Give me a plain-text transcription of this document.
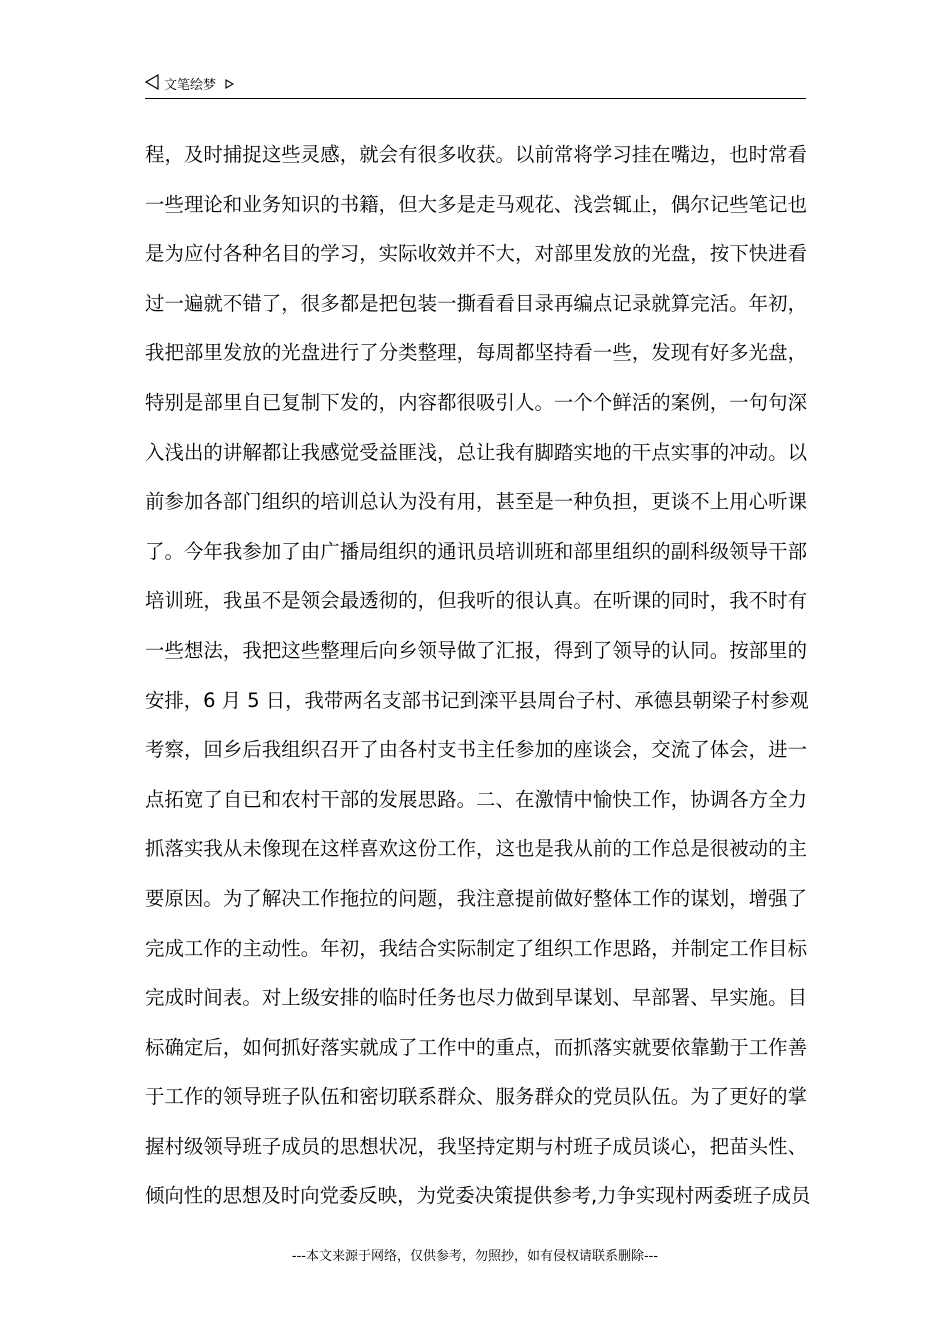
文笔绘梦
程，及时捕捉这些灵感，就会有很多收获。以前常将学习挂在嘴边，也时常看
一些理论和业务知识的书籍，但大多是走马观花、浅尝辄止，偶尔记些笔记也
是为应付各种名目的学习，实际收效并不大，对部里发放的光盘，按下快进看
过一遍就不错了，很多都是把包装一撕看看目录再编点记录就算完活。年初，
我把部里发放的光盘进行了分类整理，每周都坚持看一些，发现有好多光盘，
特别是部里自已复制下发的，内容都很吸引人。一个个鲜活的案例，一句句深
入浅出的讲解都让我感觉受益匪浅，总让我有脚踏实地的干点实事的冲动。以
前参加各部门组织的培训总认为没有用，甚至是一种负担，更谈不上用心听课
了。今年我参加了由广播局组织的通讯员培训班和部里组织的副科级领导干部
培训班，我虽不是领会最透彻的，但我听的很认真。在听课的同时，我不时有
一些想法，我把这些整理后向乡领导做了汇报，得到了领导的认同。按部里的
安排，6 月 5 日，我带两名支部书记到滦平县周台子村、承德县朝梁子村参观
考察，回乡后我组织召开了由各村支书主任参加的座谈会，交流了体会，进一
点拓宽了自已和农村干部的发展思路。二、在激情中愉快工作，协调各方全力
抓落实我从未像现在这样喜欢这份工作，这也是我从前的工作总是很被动的主
要原因。为了解决工作拖拉的问题，我注意提前做好整体工作的谋划，增强了
完成工作的主动性。年初，我结合实际制定了组织工作思路，并制定工作目标
完成时间表。对上级安排的临时任务也尽力做到早谋划、早部署、早实施。目
标确定后，如何抓好落实就成了工作中的重点，而抓落实就要依靠勤于工作善
于工作的领导班子队伍和密切联系群众、服务群众的党员队伍。为了更好的掌
握村级领导班子成员的思想状况，我坚持定期与村班子成员谈心，把苗头性、
倾向性的思想及时向党委反映，为党委决策提供参考,力争实现村两委班子成员
---本文来源于网络，仅供参考，勿照抄，如有侵权请联系删除---
